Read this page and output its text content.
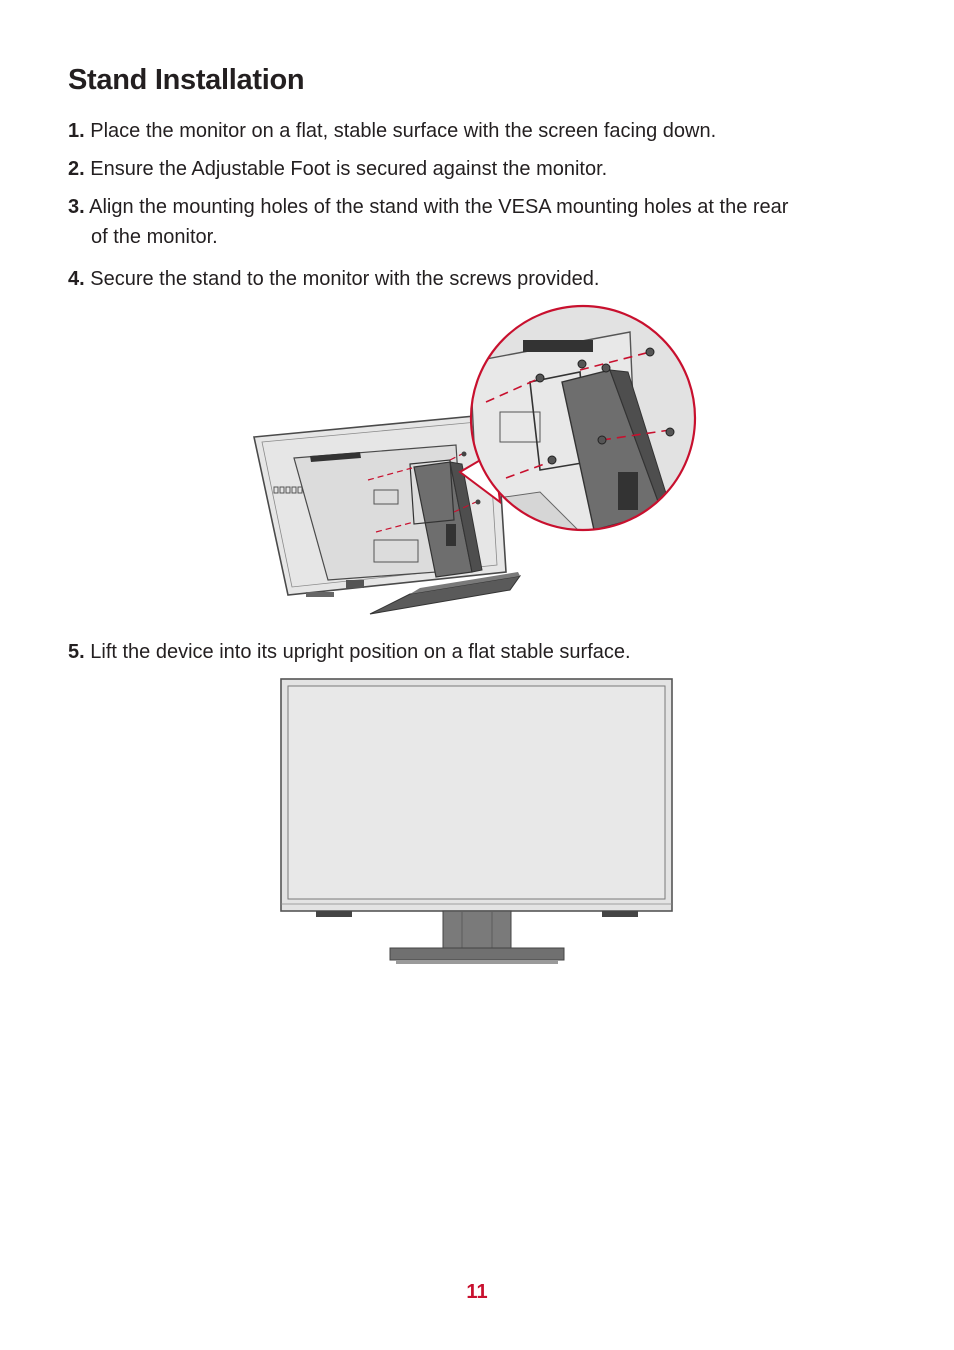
Stand Installation
1. Place the monitor on a flat, stable surface with the screen facing down.
2. Ensure the Adjustable Foot is secured against the monitor.
3. Align the mounting holes of the stand with the VESA mounting holes at the rear
of the monitor.
4. Secure the stand to the monitor with the screws provided.
5. Lift the device into its upright position on a flat stable surface.
11
